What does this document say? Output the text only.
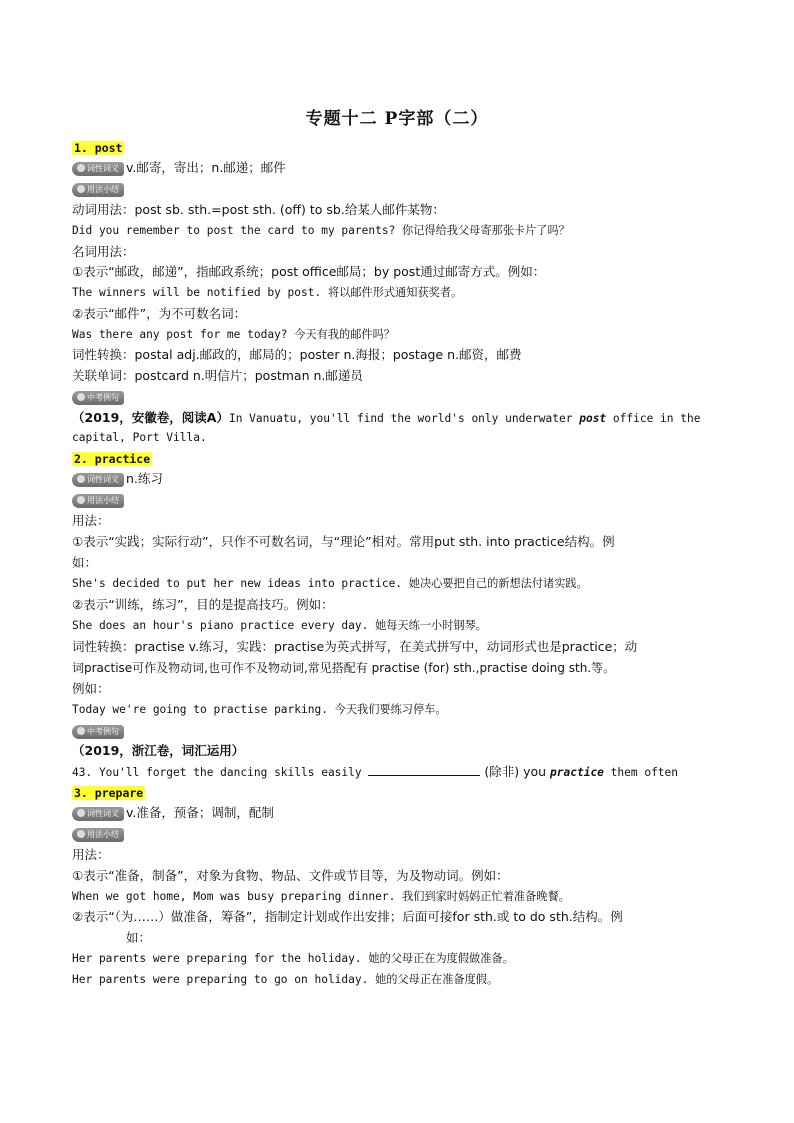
专题十二 P字部（二）
1. post
词性词义 v.邮寄，寄出；n.邮递；邮件
用法小结
动词用法：post sb. sth.=post sth. (off) to sb.给某人邮件某物：
Did you remember to post the card to my parents? 你记得给我父母寄那张卡片了吗？
名词用法：
①表示“邮政，邮递”，指邮政系统；post office邮局；by post通过邮寄方式。例如：
The winners will be notified by post. 将以邮件形式通知获奖者。
②表示“邮件”，为不可数名词：
Was there any post for me today? 今天有我的邮件吗？
词性转换：postal adj.邮政的，邮局的；poster n.海报；postage n.邮资，邮费
关联单词：postcard n.明信片；postman n.邮递员
中考例句
（2019，安徽卷，阅读A）In Vanuatu, you'll find the world's only underwater post office in the
capital, Port Villa.
2. practice
词性词义 n.练习
用法小结
用法：
①表示“实践；实际行动”，只作不可数名词，与“理论”相对。常用put sth. into practice结构。例
如：
She's decided to put her new ideas into practice. 她决心要把自己的新想法付诸实践。
②表示“训练，练习”，目的是提高技巧。例如：
She does an hour's piano practice every day. 她每天练一小时钢琴。
词性转换：practise v.练习，实践：practise为英式拼写，在美式拼写中，动词形式也是practice；动
词practise可作及物动词,也可作不及物动词,常见搭配有 practise (for) sth.,practise doing sth.等。
例如：
Today we're going to practise parking. 今天我们要练习停车。
中考例句
（2019，浙江卷，词汇运用）
43. You'll forget the dancing skills easily	(除非) you practice them often
3. prepare
词性词义 v.准备，预备；调制，配制
用法小结
用法：
①表示“准备，制备”，对象为食物、物品、文件或节目等，为及物动词。例如：
When we got home, Mom was busy preparing dinner. 我们到家时妈妈正忙着准备晚餐。
②表示“（为……）做准备，筹备”，指制定计划或作出安排；后面可接for sth.或 to do sth.结构。例
如：
Her parents were preparing for the holiday. 她的父母正在为度假做准备。
Her parents were preparing to go on holiday. 她的父母正在准备度假。
